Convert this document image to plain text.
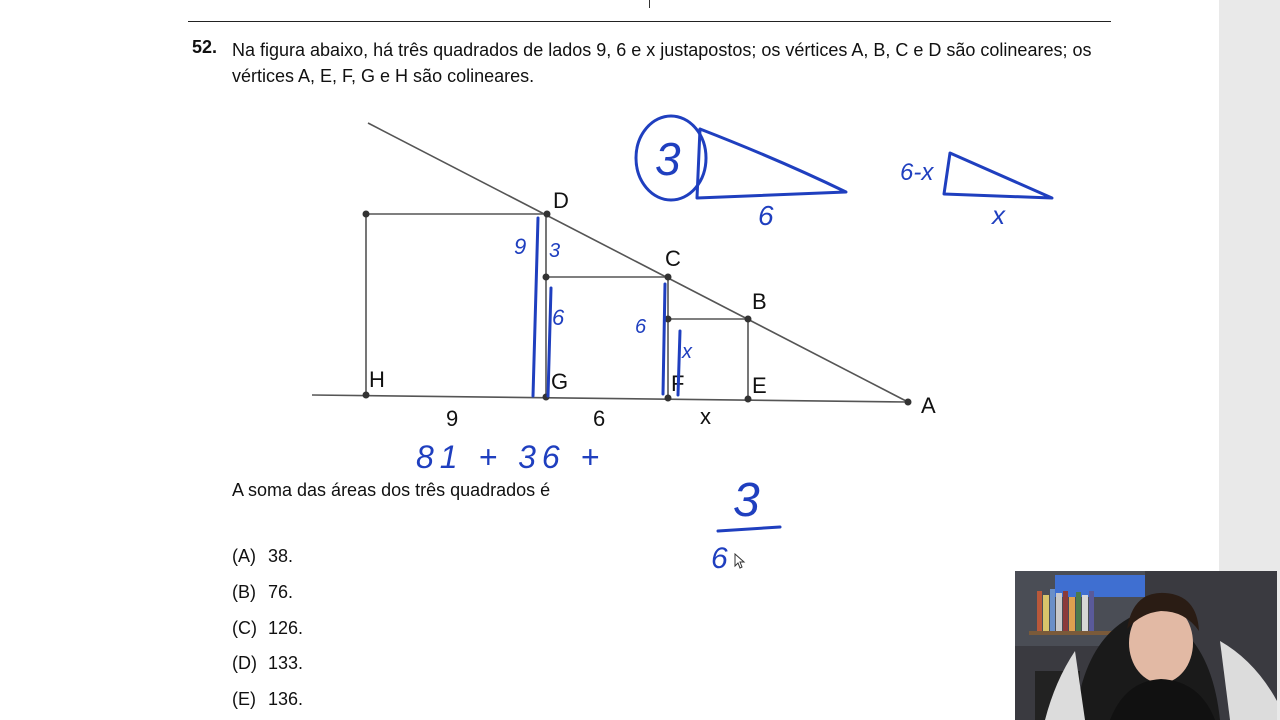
52. Na figura abaixo, há três quadrados de lados 9, 6 e x justapostos; os vértices A, B, C e D são colineares; os vértices A, E, F, G e H são colineares.
D
C
B
A
H	G	F	E
9	6	x
3
6
6-x
x
9 3
6	6
x
81 + 36 +
3
6
A soma das áreas dos três quadrados é
(A) 38.
(B) 76.
(C) 126.
(D) 133.
(E) 136.
